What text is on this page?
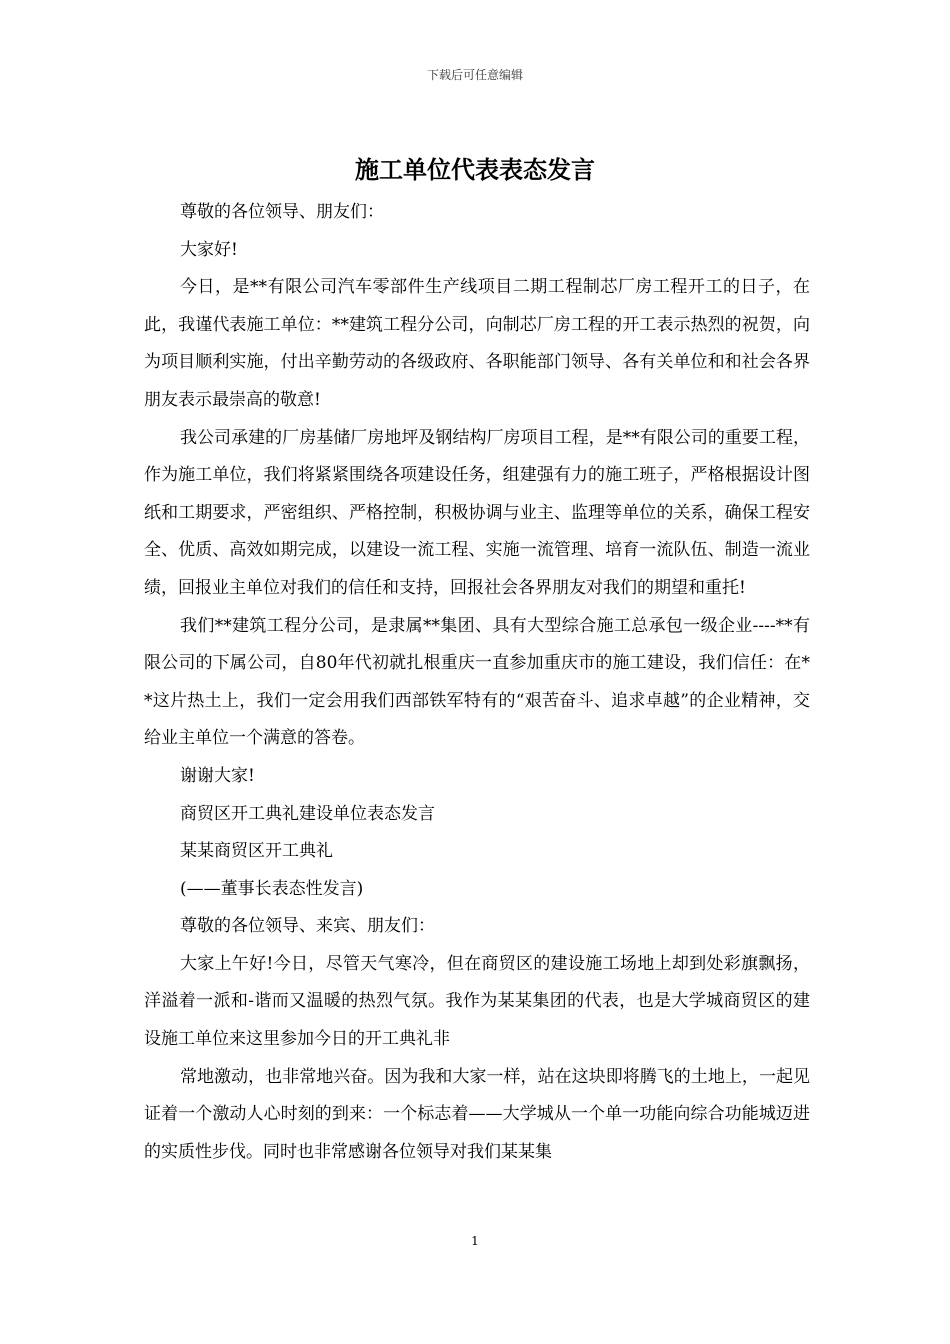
下载后可任意编辑
施工单位代表表态发言

尊敬的各位领导、朋友们：

大家好!

今日，是**有限公司汽车零部件生产线项目二期工程制芯厂房工程开工的日子，在此，我谨代表施工单位：**建筑工程分公司，向制芯厂房工程的开工表示热烈的祝贺，向为项目顺利实施，付出辛勤劳动的各级政府、各职能部门领导、各有关单位和和社会各界朋友表示最崇高的敬意!

我公司承建的厂房基储厂房地坪及钢结构厂房项目工程，是**有限公司的重要工程，作为施工单位，我们将紧紧围绕各项建设任务，组建强有力的施工班子，严格根据设计图纸和工期要求，严密组织、严格控制，积极协调与业主、监理等单位的关系，确保工程安全、优质、高效如期完成，以建设一流工程、实施一流管理、培育一流队伍、制造一流业绩，回报业主单位对我们的信任和支持，回报社会各界朋友对我们的期望和重托!

我们**建筑工程分公司，是隶属**集团、具有大型综合施工总承包一级企业----**有限公司的下属公司，自80年代初就扎根重庆一直参加重庆市的施工建设，我们信任：在**这片热土上，我们一定会用我们西部铁军特有的“艰苦奋斗、追求卓越”的企业精神，交给业主单位一个满意的答卷。

谢谢大家!

商贸区开工典礼建设单位表态发言

某某商贸区开工典礼

(——董事长表态性发言)

尊敬的各位领导、来宾、朋友们：

大家上午好!今日，尽管天气寒冷，但在商贸区的建设施工场地上却到处彩旗飘扬，洋溢着一派和-谐而又温暖的热烈气氛。我作为某某集团的代表，也是大学城商贸区的建设施工单位来这里参加今日的开工典礼非

常地激动，也非常地兴奋。因为我和大家一样，站在这块即将腾飞的土地上，一起见证着一个激动人心时刻的到来：一个标志着——大学城从一个单一功能向综合功能城迈进的实质性步伐。同时也非常感谢各位领导对我们某某集

1
